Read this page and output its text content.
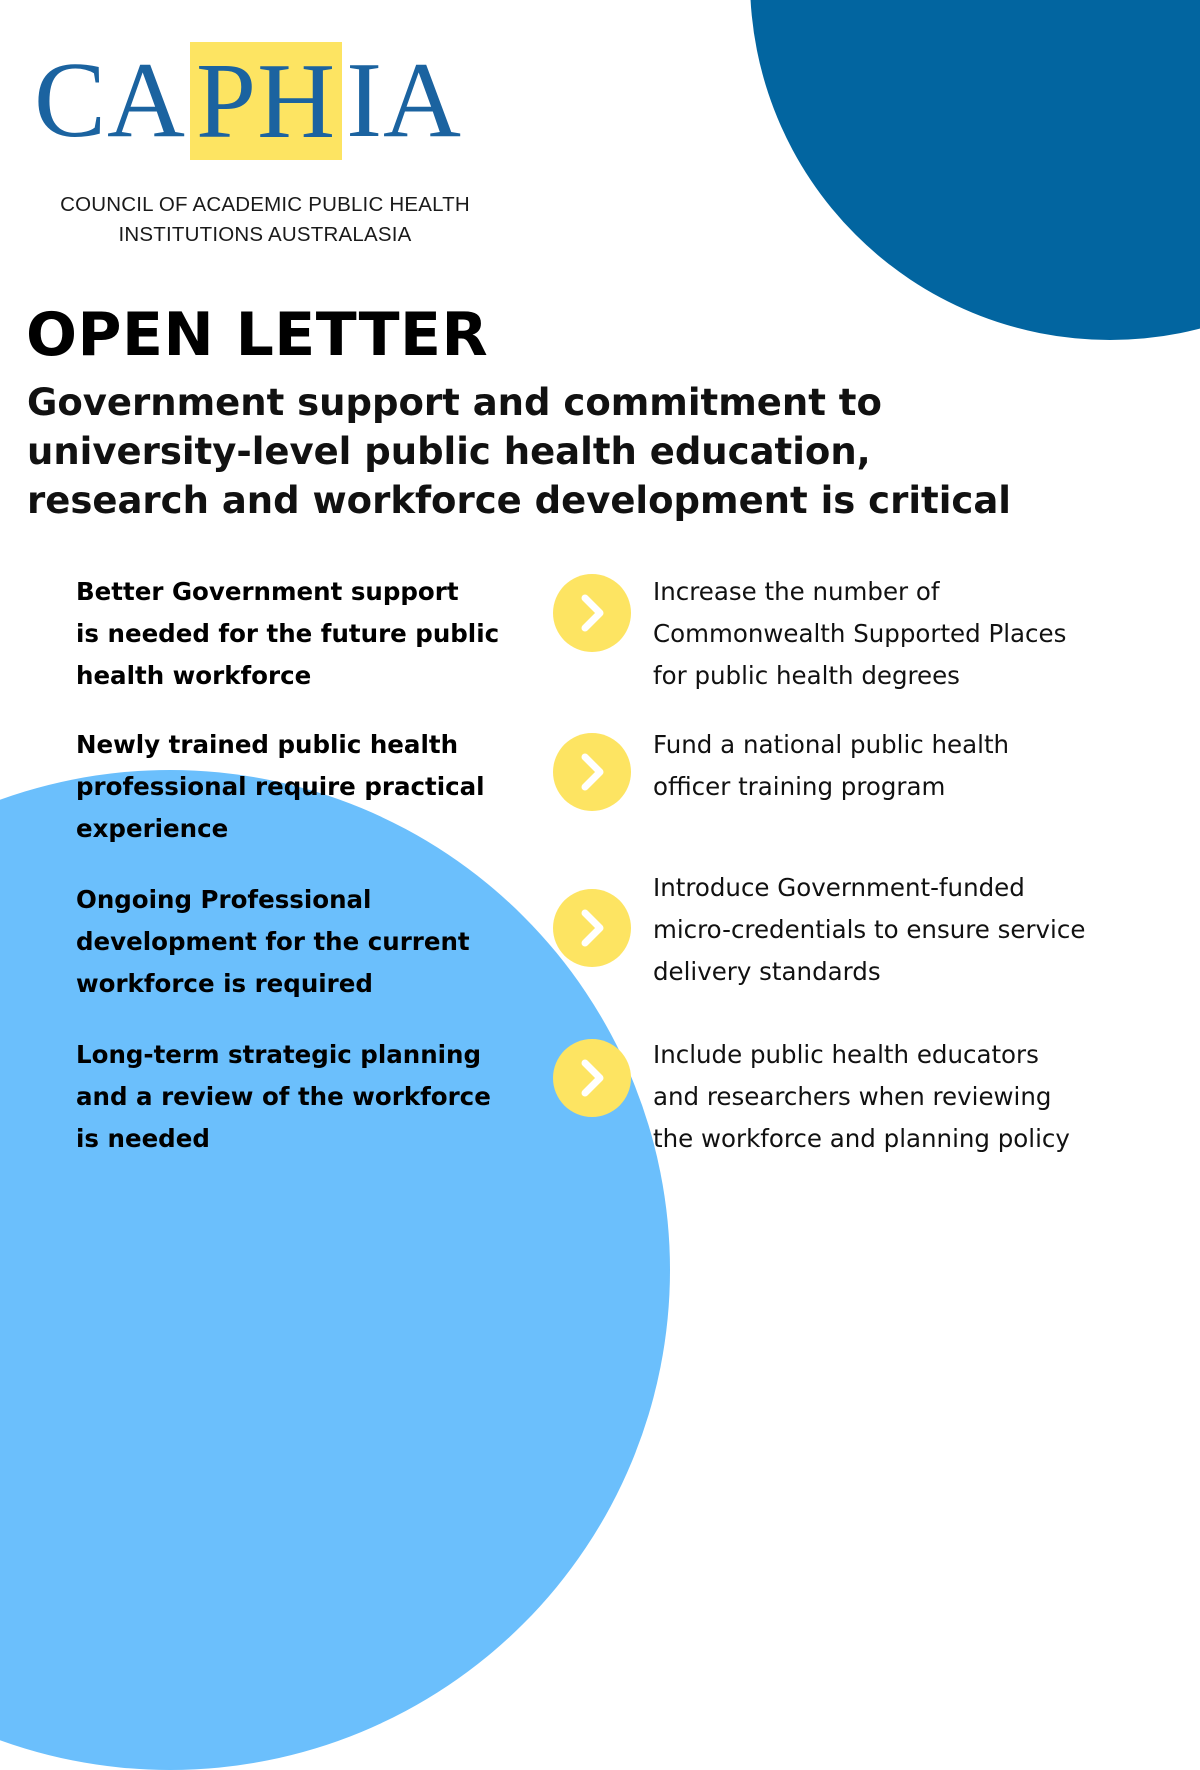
CA PH IA
COUNCIL OF ACADEMIC PUBLIC HEALTH
INSTITUTIONS AUSTRALASIA
OPEN LETTER
Government support and commitment to
university-level public health education,
research and workforce development is critical
Better Government support
is needed for the future public
health workforce
Increase the number of
Commonwealth Supported Places
for public health degrees
Newly trained public health
professional require practical
experience
Fund a national public health
officer training program
Ongoing Professional
development for the current
workforce is required
Introduce Government-funded
micro-credentials to ensure service
delivery standards
Long-term strategic planning
and a review of the workforce
is needed
Include public health educators
and researchers when reviewing
the workforce and planning policy
